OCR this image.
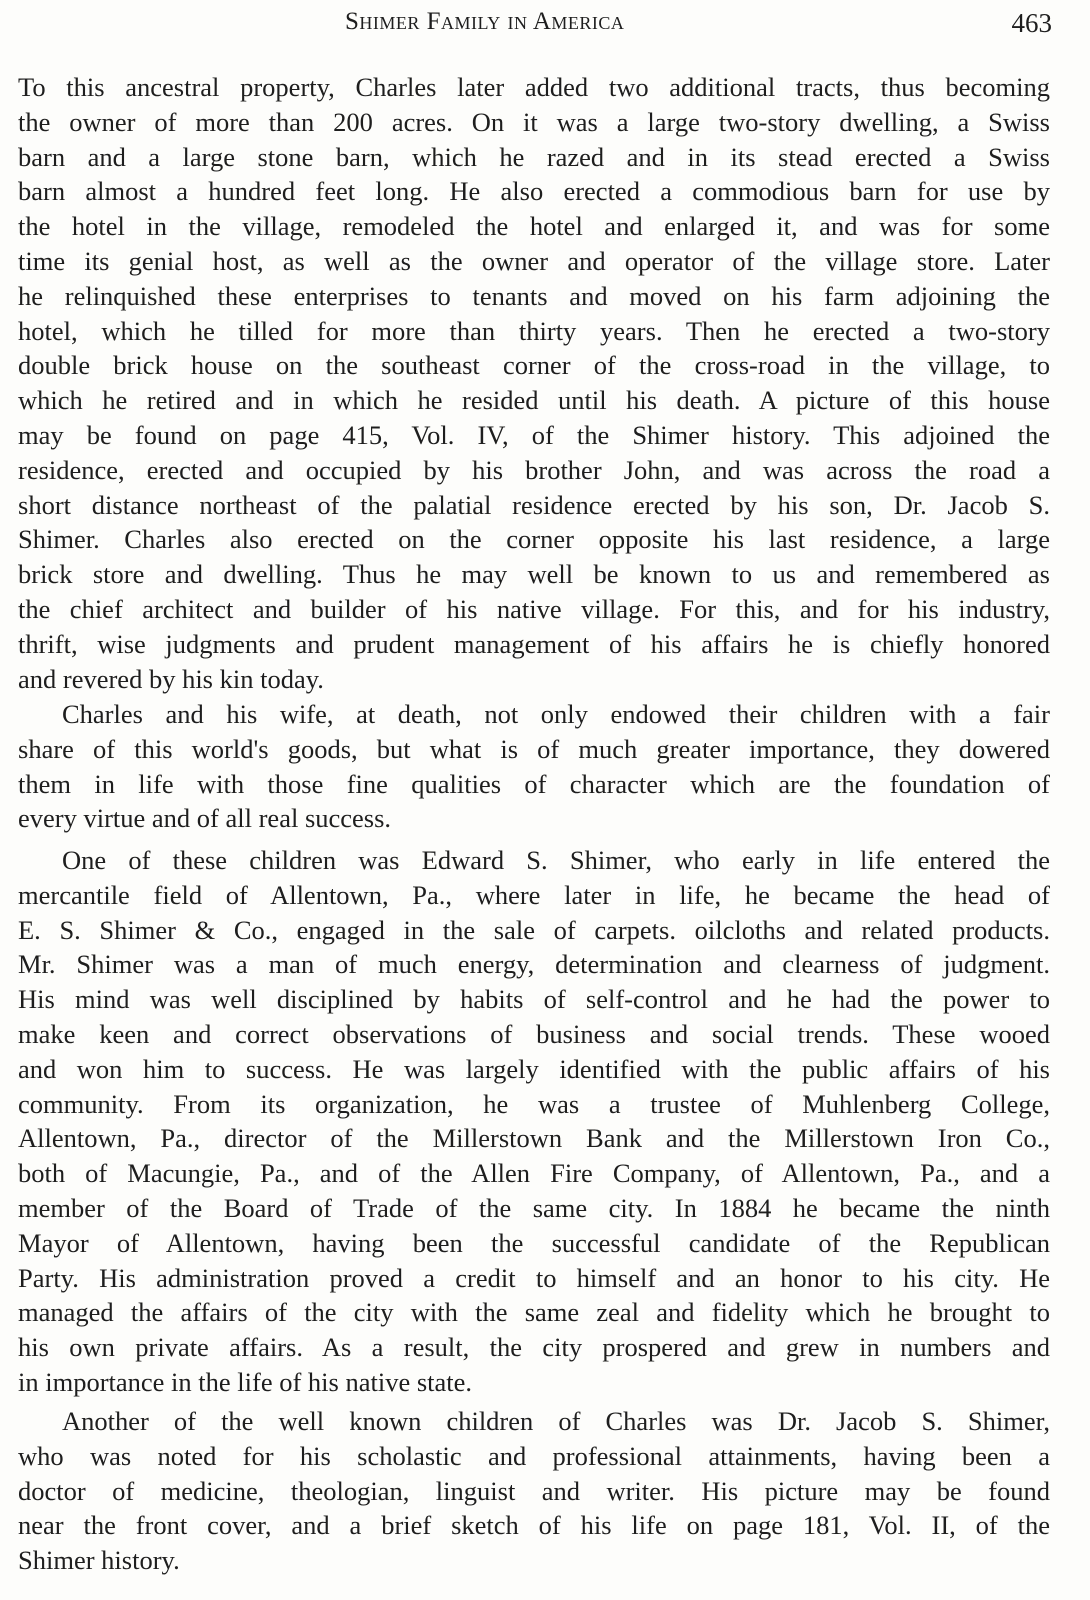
Shimer Family in America	463
To this ancestral property, Charles later added two additional tracts, thus becoming
the owner of more than 200 acres. On it was a large two-story dwelling, a Swiss
barn and a large stone barn, which he razed and in its stead erected a Swiss
barn almost a hundred feet long. He also erected a commodious barn for use by
the hotel in the village, remodeled the hotel and enlarged it, and was for some
time its genial host, as well as the owner and operator of the village store. Later
he relinquished these enterprises to tenants and moved on his farm adjoining the
hotel, which he tilled for more than thirty years. Then he erected a two-story
double brick house on the southeast corner of the cross-road in the village, to
which he retired and in which he resided until his death. A picture of this house
may be found on page 415, Vol. IV, of the Shimer history. This adjoined the
residence, erected and occupied by his brother John, and was across the road a
short distance northeast of the palatial residence erected by his son, Dr. Jacob S.
Shimer. Charles also erected on the corner opposite his last residence, a large
brick store and dwelling. Thus he may well be known to us and remembered as
the chief architect and builder of his native village. For this, and for his industry,
thrift, wise judgments and prudent management of his affairs he is chiefly honored
and revered by his kin today.
Charles and his wife, at death, not only endowed their children with a fair
share of this world's goods, but what is of much greater importance, they dowered
them in life with those fine qualities of character which are the foundation of
every virtue and of all real success.
One of these children was Edward S. Shimer, who early in life entered the
mercantile field of Allentown, Pa., where later in life, he became the head of
E. S. Shimer & Co., engaged in the sale of carpets. oilcloths and related products.
Mr. Shimer was a man of much energy, determination and clearness of judgment.
His mind was well disciplined by habits of self-control and he had the power to
make keen and correct observations of business and social trends. These wooed
and won him to success. He was largely identified with the public affairs of his
community. From its organization, he was a trustee of Muhlenberg College,
Allentown, Pa., director of the Millerstown Bank and the Millerstown Iron Co.,
both of Macungie, Pa., and of the Allen Fire Company, of Allentown, Pa., and a
member of the Board of Trade of the same city. In 1884 he became the ninth
Mayor of Allentown, having been the successful candidate of the Republican
Party. His administration proved a credit to himself and an honor to his city. He
managed the affairs of the city with the same zeal and fidelity which he brought to
his own private affairs. As a result, the city prospered and grew in numbers and
in importance in the life of his native state.
Another of the well known children of Charles was Dr. Jacob S. Shimer,
who was noted for his scholastic and professional attainments, having been a
doctor of medicine, theologian, linguist and writer. His picture may be found
near the front cover, and a brief sketch of his life on page 181, Vol. II, of the
Shimer history.
